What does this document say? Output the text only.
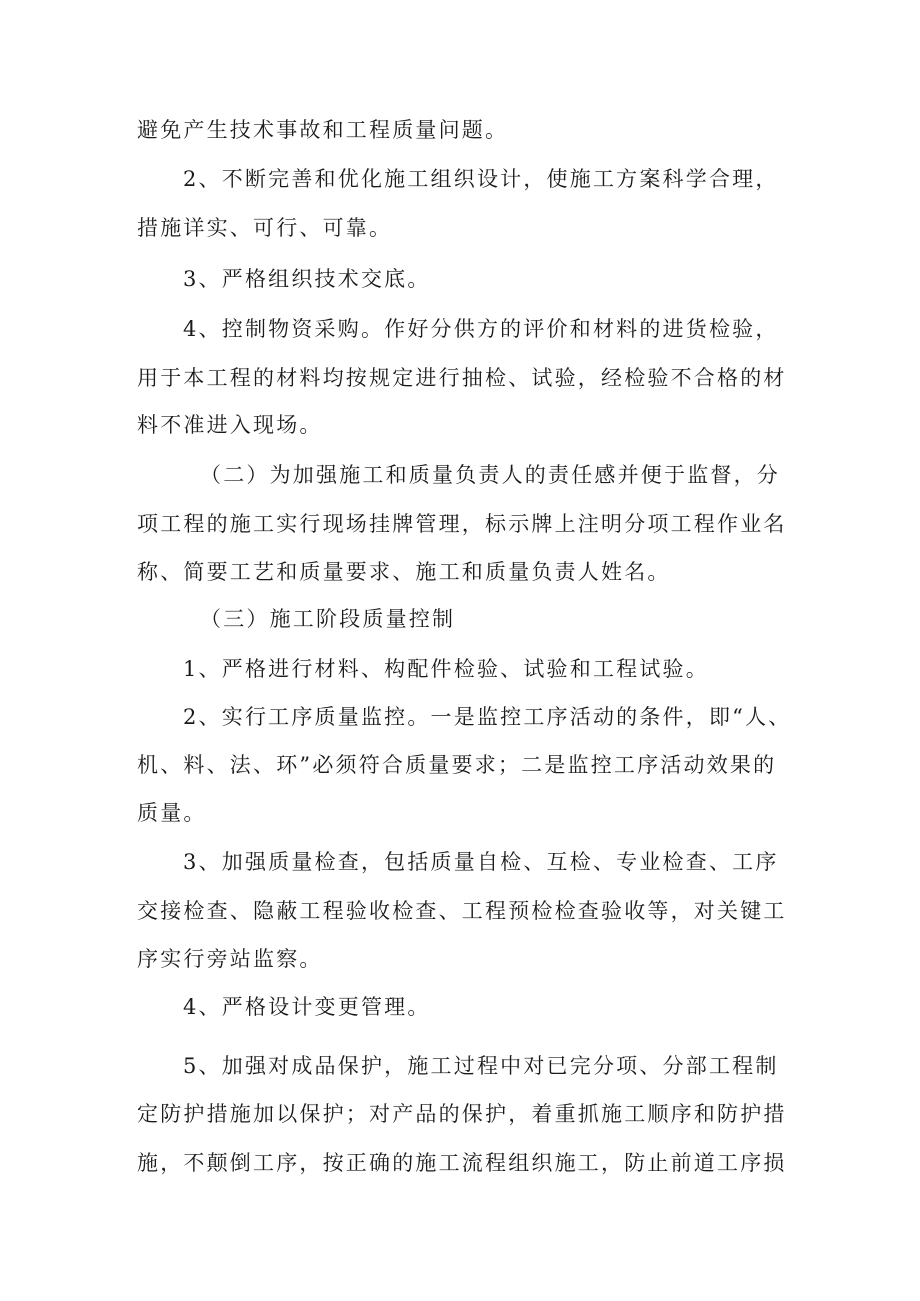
避免产生技术事故和工程质量问题。
2、不断完善和优化施工组织设计，使施工方案科学合理，
措施详实、可行、可靠。
3、严格组织技术交底。
4、控制物资采购。作好分供方的评价和材料的进货检验，
用于本工程的材料均按规定进行抽检、试验，经检验不合格的材
料不准进入现场。
（二）为加强施工和质量负责人的责任感并便于监督，分
项工程的施工实行现场挂牌管理，标示牌上注明分项工程作业名
称、简要工艺和质量要求、施工和质量负责人姓名。
（三）施工阶段质量控制
1、严格进行材料、构配件检验、试验和工程试验。
2、实行工序质量监控。一是监控工序活动的条件，即“人、
机、料、法、环”必须符合质量要求；二是监控工序活动效果的
质量。
3、加强质量检查，包括质量自检、互检、专业检查、工序
交接检查、隐蔽工程验收检查、工程预检检查验收等，对关键工
序实行旁站监察。
4、严格设计变更管理。
5、加强对成品保护，施工过程中对已完分项、分部工程制
定防护措施加以保护；对产品的保护，着重抓施工顺序和防护措
施，不颠倒工序，按正确的施工流程组织施工，防止前道工序损
